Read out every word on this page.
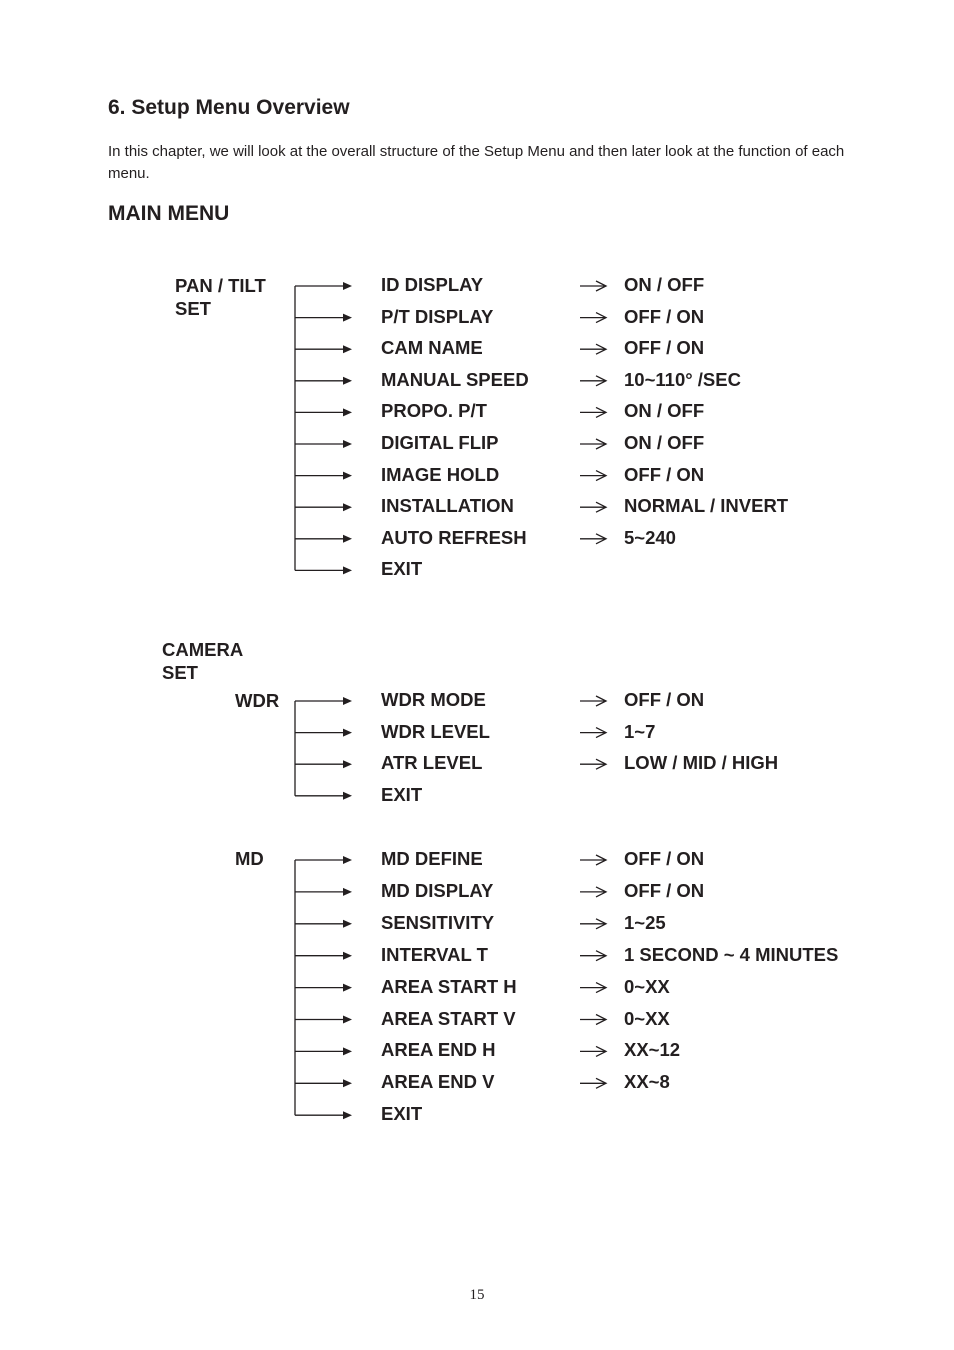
6. Setup Menu Overview
In this chapter, we will look at the overall structure of the Setup Menu and then later look at the function of each menu.
MAIN MENU
PAN / TILT SET
CAMERA SET
WDR
MD
ID DISPLAY	ON / OFF
P/T DISPLAY	OFF / ON
CAM NAME	OFF / ON
MANUAL SPEED	10~110° /SEC
PROPO. P/T	ON / OFF
DIGITAL FLIP	ON / OFF
IMAGE HOLD	OFF / ON
INSTALLATION	NORMAL / INVERT
AUTO REFRESH	5~240
EXIT
WDR MODE	OFF / ON
WDR LEVEL	1~7
ATR LEVEL	LOW / MID / HIGH
EXIT
MD DEFINE	OFF / ON
MD DISPLAY	OFF / ON
SENSITIVITY	1~25
INTERVAL T	1 SECOND ~ 4 MINUTES
AREA START H	0~XX
AREA START V	0~XX
AREA END H	XX~12
AREA END V	XX~8
EXIT
15
